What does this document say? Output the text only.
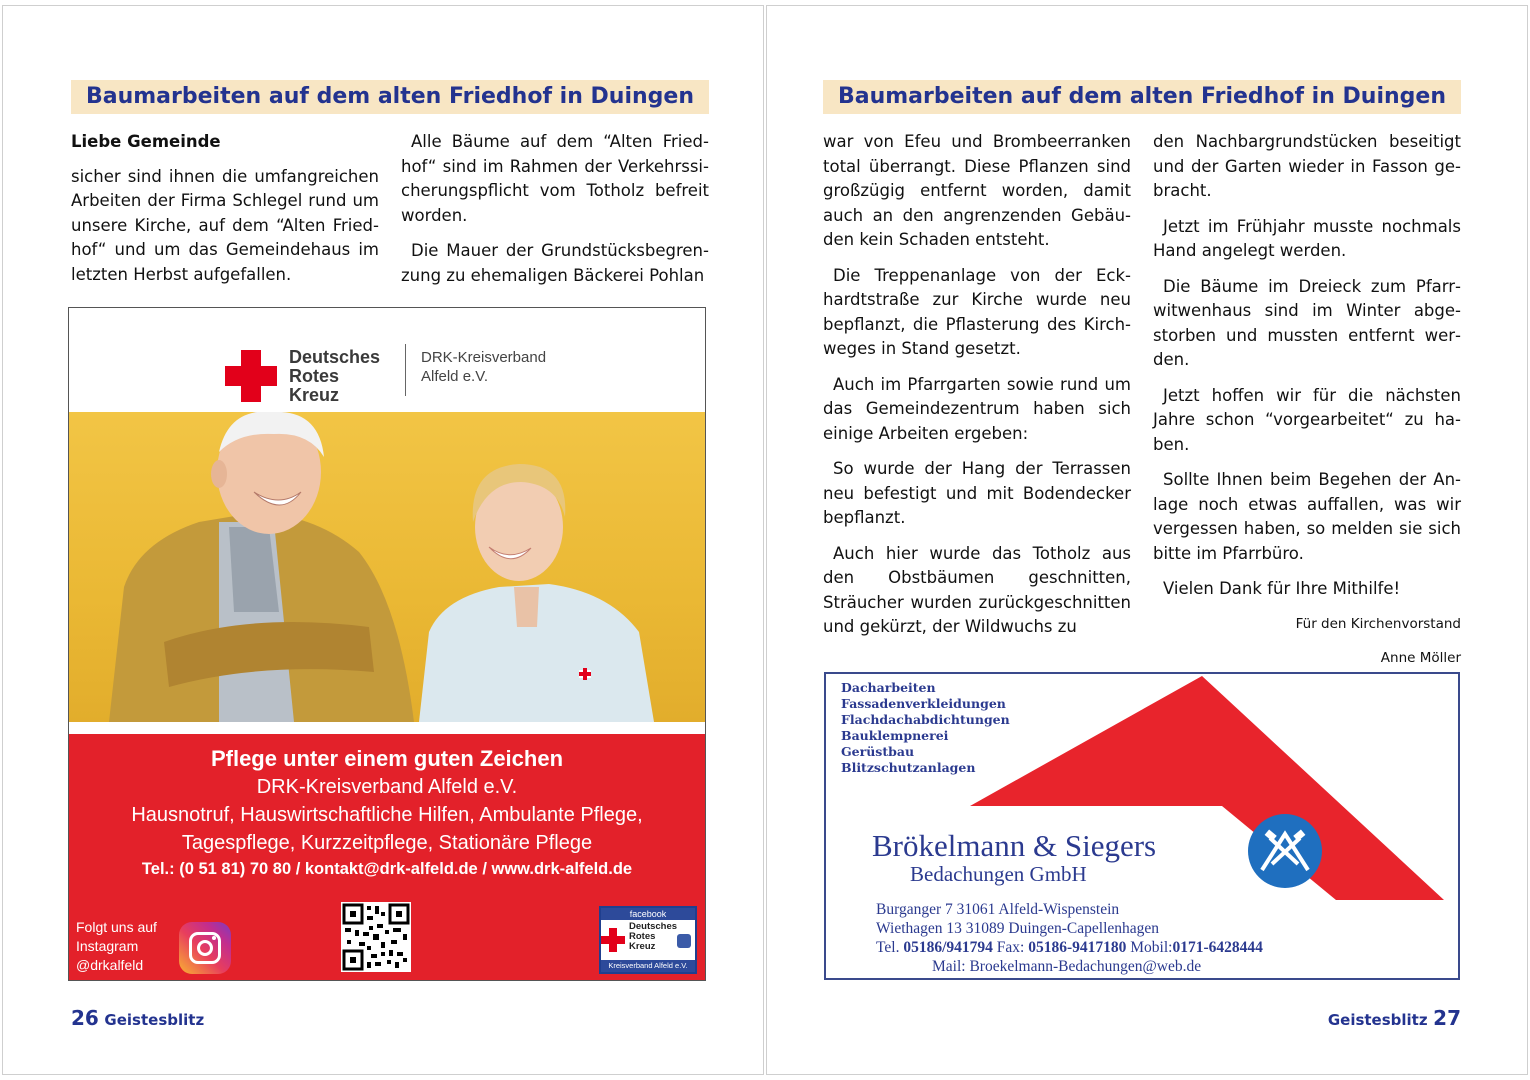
Baumarbeiten auf dem alten Friedhof in Duingen

Liebe Gemeinde

sicher sind ihnen die umfangreichen Arbeiten der Firma Schlegel rund um unsere Kirche, auf dem “Alten Friedhof“ und um das Gemeindehaus im letzten Herbst aufgefallen.

Alle Bäume auf dem “Alten Friedhof“ sind im Rahmen der Verkehrssicherungspflicht vom Totholz befreit worden.

Die Mauer der Grundstücksbegrenzung zu ehemaligen Bäckerei Pohlan

26 Geistesblitz
Deutsches
Rotes
Kreuz
DRK-Kreisverband
Alfeld e.V.
Pflege unter einem guten Zeichen
DRK-Kreisverband Alfeld e.V.
Hausnotruf, Hauswirtschaftliche Hilfen, Ambulante Pflege,
Tagespflege, Kurzzeitpflege, Stationäre Pflege
Tel.: (0 51 81) 70 80 / kontakt@drk-alfeld.de / www.drk-alfeld.de
Folgt uns auf
Instagram
@drkalfeld
facebook
Deutsches
Rotes
Kreuz
Kreisverband Alfeld e.V.
Baumarbeiten auf dem alten Friedhof in Duingen

war von Efeu und Brombeerranken total überrangt. Diese Pflanzen sind großzügig entfernt worden, damit auch an den angrenzenden Gebäuden kein Schaden entsteht.

Die Treppenanlage von der Eckhardtstraße zur Kirche wurde neu bepflanzt, die Pflasterung des Kirchweges in Stand gesetzt.

Auch im Pfarrgarten sowie rund um das Gemeindezentrum haben sich einige Arbeiten ergeben:

So wurde der Hang der Terrassen neu befestigt und mit Bodendecker bepflanzt.

Auch hier wurde das Totholz aus den Obstbäumen geschnitten, Sträucher wurden zurückgeschnitten und gekürzt, der Wildwuchs zu

den Nachbargrundstücken beseitigt und der Garten wieder in Fasson gebracht.

Jetzt im Frühjahr musste nochmals Hand angelegt werden.

Die Bäume im Dreieck zum Pfarrwitwenhaus sind im Winter abgestorben und mussten entfernt werden.

Jetzt hoffen wir für die nächsten Jahre schon “vorgearbeitet“ zu haben.

Sollte Ihnen beim Begehen der Anlage noch etwas auffallen, was wir vergessen haben, so melden sie sich bitte im Pfarrbüro.

Vielen Dank für Ihre Mithilfe!

Für den Kirchenvorstand

Anne Möller

Geistesblitz 27
Dacharbeiten
Fassadenverkleidungen
Flachdachabdichtungen
Bauklempnerei
Gerüstbau
Blitzschutzanlagen
Brökelmann & Siegers
Bedachungen GmbH
Burganger 7 31061 Alfeld-Wispenstein
Wiethagen 13 31089 Duingen-Capellenhagen
Tel. 05186/941794 Fax: 05186-9417180 Mobil:0171-6428444
Mail: Broekelmann-Bedachungen@web.de
